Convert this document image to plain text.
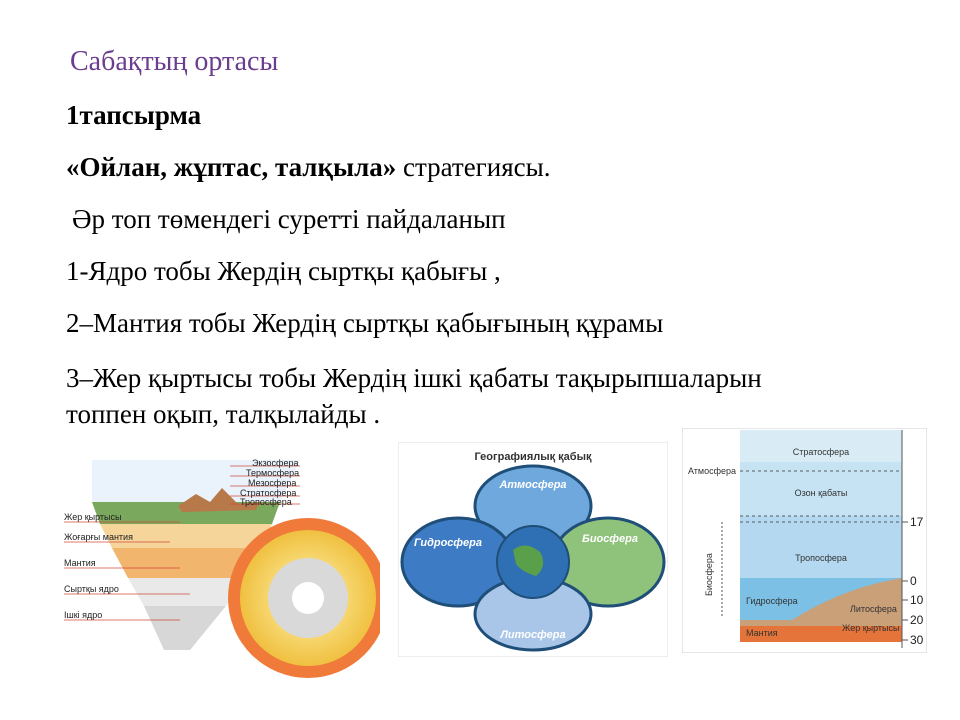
Сабақтың ортасы
1тапсырма
«Ойлан, жұптас, талқыла» стратегиясы.
Әр топ төмендегі суретті пайдаланып
1-Ядро тобы Жердің сыртқы қабығы ,
2–Мантия тобы Жердің сыртқы қабығының құрамы
3–Жер қыртысы тобы Жердің ішкі қабаты тақырыпшаларын
топпен оқып, талқылайды .
Жер қыртысы
Жоғарғы мантия
Мантия
Сыртқы ядро
Ішкі ядро
Экзосфера
Термосфера
Мезосфера
Стратосфера
Тропосфера
Географиялық қабық
Атмосфера
Гидросфера	Биосфера
Литосфера
Стратосфера
Атмосфера
Озон қабаты
Тропосфера
Биосфера
Гидросфера
Литосфера
Жер қыртысы
Мантия
17
0
10
20
30
